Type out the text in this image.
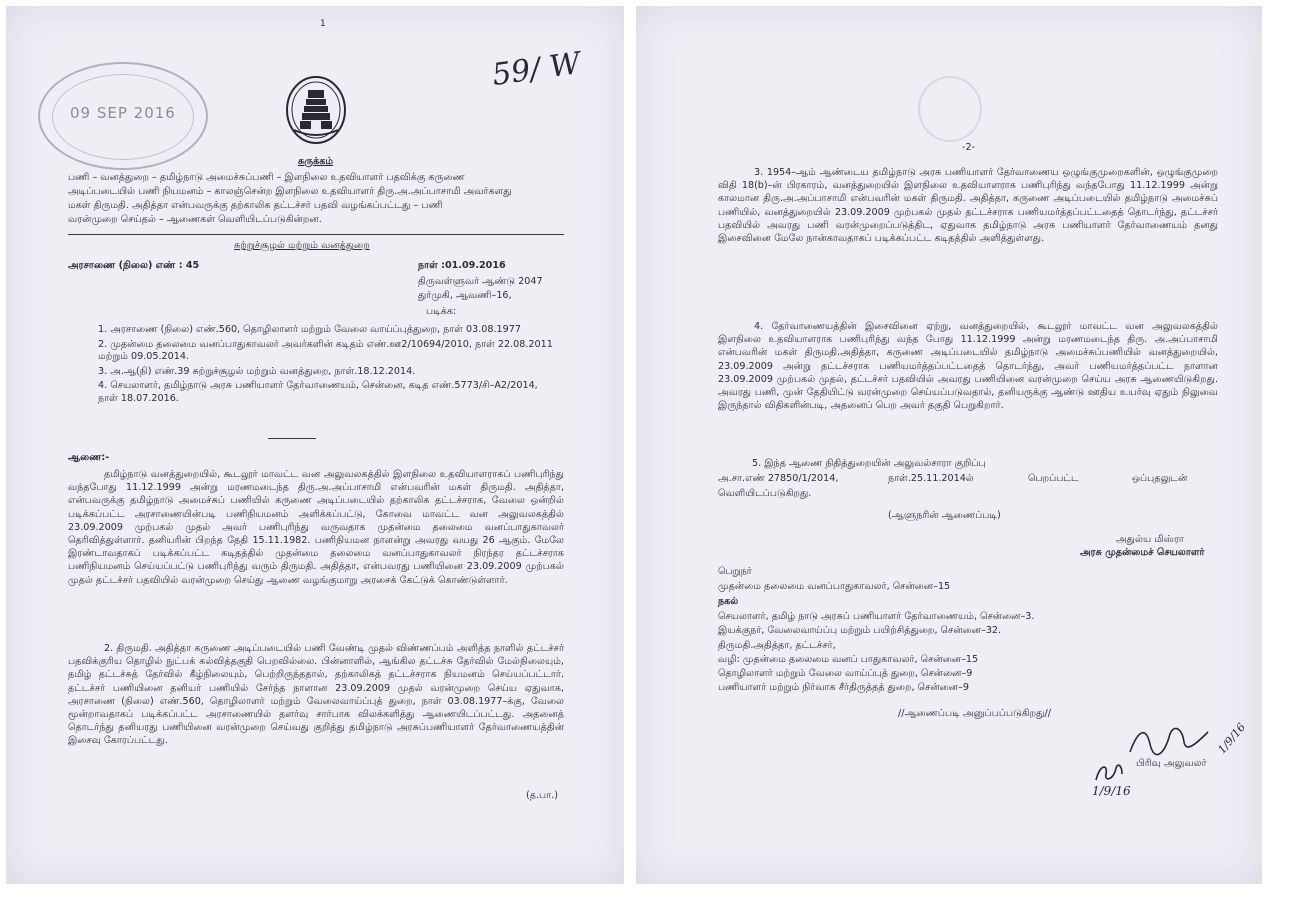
1
09 SEP 2016
59/ W
சுருக்கம்
பணி – வனத்துறை – தமிழ்நாடு அமைச்சுப்பணி – இளநிலை உதவியாளர் பதவிக்கு கருணை
அடிப்படையில் பணி நியமனம் – காலஞ்சென்ற இளநிலை உதவியாளர் திரு.அ.அப்பாசாமி அவர்களது
மகள் திருமதி. அதித்தா என்பவருக்கு தற்காலிக தட்டச்சர் பதவி வழங்கப்பட்டது – பணி
வரன்முறை செய்தல் – ஆணைகள் வெளியிடப்படுகின்றன.
சுற்றுச்சூழல் மற்றும் வனத்துறை
அரசாணை (நிலை) எண் : 45	நாள் :01.09.2016
திருவள்ளுவர் ஆண்டு 2047
துர்முகி, ஆவணி–16,
படிக்க:
1. அரசாணை (நிலை) எண்.560, தொழிலாளர் மற்றும் வேலை வாய்ப்புத்துறை, நாள் 03.08.1977
2. முதன்மை தலைமை வனப்பாதுகாவலர் அவர்களின் கடிதம் எண்.ஊ2/10694/2010, நாள் 22.08.2011 மற்றும் 09.05.2014.
3. அ.ஆ(நி) எண்.39 சுற்றுச்சூழல் மற்றும் வனத்துறை, நாள்.18.12.2014.
4. செயலாளர், தமிழ்நாடு அரசு பணியாளர் தேர்வாணையம், சென்னை, கடித எண்.5773/சி–A2/2014, நாள் 18.07.2016.
ஆணை:-
தமிழ்நாடு வனத்துறையில், கூடலூர் மாவட்ட வன அலுவலகத்தில் இளநிலை உதவியாளராகப் பணிபுரிந்து வந்தபோது 11.12.1999 அன்று மரணமடைந்த திரு.அ.அப்பாசாமி என்பவரின் மகள் திருமதி. அதித்தா, என்பவருக்கு தமிழ்நாடு அமைச்சுப் பணியில் கருணை அடிப்படையில் தற்காலிக தட்டச்சராக, வேலை ஒன்றில் படிக்கப்பட்ட அரசாணையின்படி பணிநியமனம் அளிக்கப்பட்டு, கோவை மாவட்ட வன அலுவலகத்தில் 23.09.2009 முற்பகல் முதல் அவர் பணிபுரிந்து வருவதாக முதன்மை தலைமை வனப்பாதுகாவலர் தெரிவித்துள்ளார். தனியரின் பிறந்த தேதி 15.11.1982. பணிநியமன நாளன்று அவரது வயது 26 ஆகும். மேலே இரண்டாவதாகப் படிக்கப்பட்ட கடிதத்தில் முதன்மை தலைமை வனப்பாதுகாவலர் நிரந்தர தட்டச்சராக பணிநியமனம் செய்யப்பட்டு பணிபுரிந்து வரும் திருமதி. அதித்தா, என்பவரது பணியினை 23.09.2009 முற்பகல் முதல் தட்டச்சர் பதவியில் வரன்முறை செய்து ஆணை வழங்குமாறு அரசைக் கேட்டுக் கொண்டுள்ளார்.
2. திருமதி. அதித்தா கருணை அடிப்படையில் பணி வேண்டி முதல் விண்ணப்பம் அளித்த நாளில் தட்டச்சர் பதவிக்குரிய தொழில் நுட்பக் கல்வித்தகுதி பெறவில்லை. பின்னாளில், ஆங்கில தட்டச்சு தேர்வில் மேல்நிலையும், தமிழ் தட்டச்சுத் தேர்வில் கீழ்நிலையும், பெற்றிருந்ததால், தற்காலிகத் தட்டச்சராக நியமனம் செய்யப்பட்டார். தட்டச்சர் பணியினை தனியர் பணியில் சேர்ந்த நாளான 23.09.2009 முதல் வரன்முறை செய்ய ஏதுவாக, அரசாணை (நிலை) எண்.560, தொழிலாளர் மற்றும் வேலைவாய்ப்புத் துறை, நாள் 03.08.1977–க்கு, வேலை மூன்றாவதாகப் படிக்கப்பட்ட அரசாணையில் தளர்வு சார்பாக விலக்களித்து ஆணையிடப்பட்டது. அதனைத் தொடர்ந்து தனியரது பணியினை வரன்முறை செய்வது குறித்து தமிழ்நாடு அரசுப்பணியாளர் தேர்வாணையத்தின் இசைவு கோரப்பட்டது.
(த.பா.)
-2-
3. 1954–ஆம் ஆண்டைய தமிழ்நாடு அரசு பணியாளர் தேர்வாணைய ஒழுங்குமுறைகளின், ஒழுங்குமுறை விதி 18(b)–ன் பிரகாரம், வனத்துறையில் இளநிலை உதவியாளராக பணிபுரிந்து வந்தபோது 11.12.1999 அன்று காலமான திரு.அ.அப்பாசாமி என்பவரின் மகள் திருமதி. அதித்தா, கருணை அடிப்படையில் தமிழ்நாடு அமைச்சுப் பணியில், வனத்துறையில் 23.09.2009 முற்பகல் முதல் தட்டச்சராக பணியமர்த்தப்பட்டதைத் தொடர்ந்து, தட்டச்சர் பதவியில் அவரது பணி வரன்முறைப்படுத்திட, ஏதுவாக தமிழ்நாடு அரசு பணியாளர் தேர்வாணையம் தனது இசைவினை மேலே நான்காவதாகப் படிக்கப்பட்ட கடிதத்தில் அளித்துள்ளது.
4. தேர்வாணையத்தின் இசைவினை ஏற்று, வனத்துறையில், கூடலூர் மாவட்ட வன அலுவலகத்தில் இளநிலை உதவியாளராக பணிபுரிந்து வந்த போது 11.12.1999 அன்று மரணமடைந்த திரு. அ.அப்பாசாமி என்பவரின் மகள் திருமதி.அதித்தா, கருணை அடிப்படையில் தமிழ்நாடு அமைச்சுப்பணியில் வனத்துறையில், 23.09.2009 அன்று தட்டச்சராக பணியமர்த்தப்பட்டதைத் தொடர்ந்து, அவர் பணியமர்த்தப்பட்ட நாளான 23.09.2009 முற்பகல் முதல், தட்டச்சர் பதவியில் அவரது பணியினை வரன்முறை செய்ய அரசு ஆணையிடுகிறது. அவரது பணி, முன் தேதியிட்டு வரன்முறை செய்யப்படுவதால், தனியருக்கு ஆண்டு ஊதிய உயர்வு ஏதும் நிலுவை இருந்தால் விதிகளின்படி, அதனைப் பெற அவர் தகுதி பெறுகிறார்.
5. இந்த ஆணை நிதித்துறையின் அலுவல்சாரா குறிப்பு
அ.சா.எண் 27850/1/2014,	நாள்.25.11.2014ல்	பெறப்பட்ட	ஒப்புதலுடன்
வெளியிடப்படுகிறது.
(ஆளுநரின் ஆணைப்படி)
அதுல்ய மிஸ்ரா
அரசு முதன்மைச் செயலாளர்
பெறுநர்
முதன்மை தலைமை வனப்பாதுகாவலர், சென்னை–15
நகல்
செயலாளர், தமிழ் நாடு அரசுப் பணியாளர் தேர்வாணையம், சென்னை–3.
இயக்குநர், வேலைவாய்ப்பு மற்றும் பயிற்சித்துறை, சென்னை–32.
திருமதி.அதித்தா, தட்டச்சர்,
வழி: முதன்மை தலைமை வனப் பாதுகாவலர், சென்னை–15
தொழிலாளர் மற்றும் வேலை வாய்ப்புத் துறை, சென்னை–9
பணியாளர் மற்றும் நிர்வாக சீர்திருத்தத் துறை, சென்னை–9
//ஆணைப்படி அனுப்பப்படுகிறது//
1/9/16
பிரிவு அலுவலர்
1/9/16
